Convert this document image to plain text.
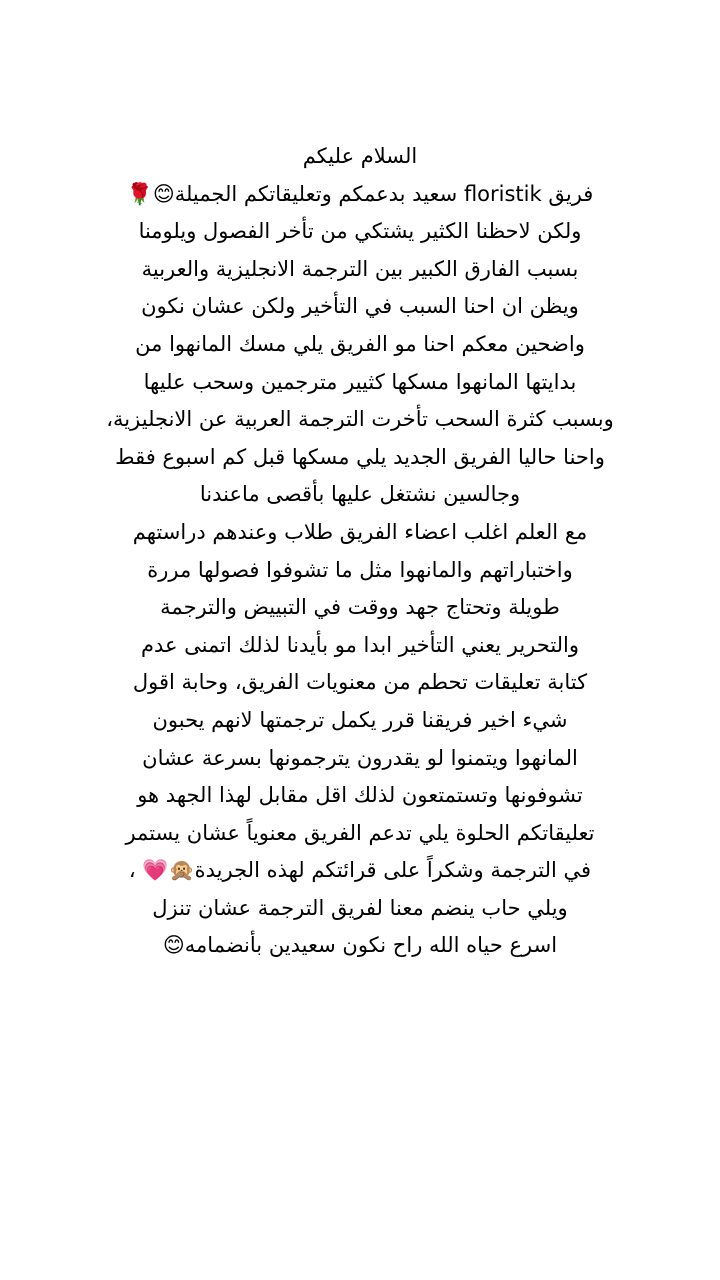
السلام عليكم
فريق floristik سعيد بدعمكم وتعليقاتكم الجميلة😊🌹
ولكن لاحظنا الكثير يشتكي من تأخر الفصول ويلومنا
بسبب الفارق الكبير بين الترجمة الانجليزية والعربية
ويظن ان احنا السبب في التأخير ولكن عشان نكون
واضحين معكم احنا مو الفريق يلي مسك المانهوا من
بدايتها المانهوا مسكها كثيير مترجمين وسحب عليها
وبسبب كثرة السحب تأخرت الترجمة العربية عن الانجليزية،
واحنا حاليا الفريق الجديد يلي مسكها قبل كم اسبوع فقط
وجالسين نشتغل عليها بأقصى ماعندنا
مع العلم اغلب اعضاء الفريق طلاب وعندهم دراستهم
واختباراتهم والمانهوا مثل ما تشوفوا فصولها مررة
طويلة وتحتاج جهد ووقت في التبييض والترجمة
والتحرير يعني التأخير ابدا مو بأيدنا لذلك اتمنى عدم
كتابة تعليقات تحطم من معنويات الفريق، وحابة اقول
شيء اخير فريقنا قرر يكمل ترجمتها لانهم يحبون
المانهوا ويتمنوا لو يقدرون يترجمونها بسرعة عشان
تشوفونها وتستمتعون لذلك اقل مقابل لهذا الجهد هو
تعليقاتكم الحلوة يلي تدعم الفريق معنوياً عشان يستمر
في الترجمة وشكراً على قرائتكم لهذه الجريدة🙊💗 ،
ويلي حاب ينضم معنا لفريق الترجمة عشان تنزل
اسرع حياه الله راح نكون سعيدين بأنضمامه😊
